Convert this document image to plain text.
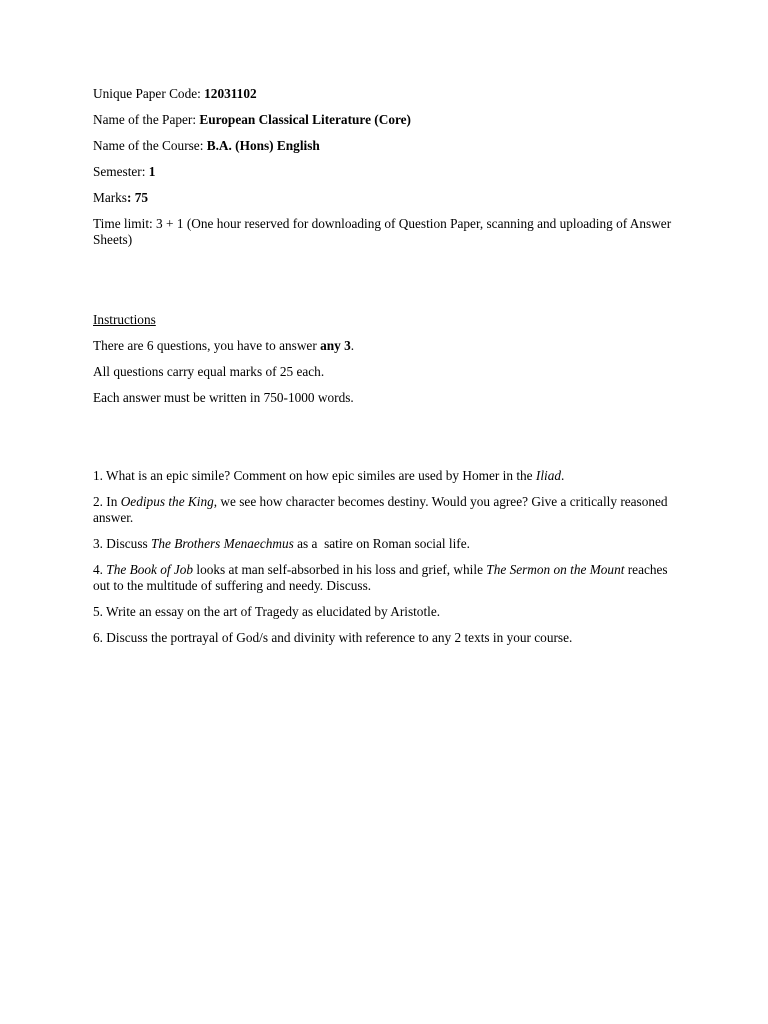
Unique Paper Code: 12031102

Name of the Paper: European Classical Literature (Core)

Name of the Course: B.A. (Hons) English

Semester: 1

Marks: 75

Time limit: 3 + 1 (One hour reserved for downloading of Question Paper, scanning and uploading of Answer Sheets)

Instructions

There are 6 questions, you have to answer any 3.

All questions carry equal marks of 25 each.

Each answer must be written in 750-1000 words.

1. What is an epic simile? Comment on how epic similes are used by Homer in the Iliad.

2. In Oedipus the King, we see how character becomes destiny. Would you agree? Give a critically reasoned answer.

3. Discuss The Brothers Menaechmus as a  satire on Roman social life.

4. The Book of Job looks at man self-absorbed in his loss and grief, while The Sermon on the Mount reaches out to the multitude of suffering and needy. Discuss.

5. Write an essay on the art of Tragedy as elucidated by Aristotle.

6. Discuss the portrayal of God/s and divinity with reference to any 2 texts in your course.
